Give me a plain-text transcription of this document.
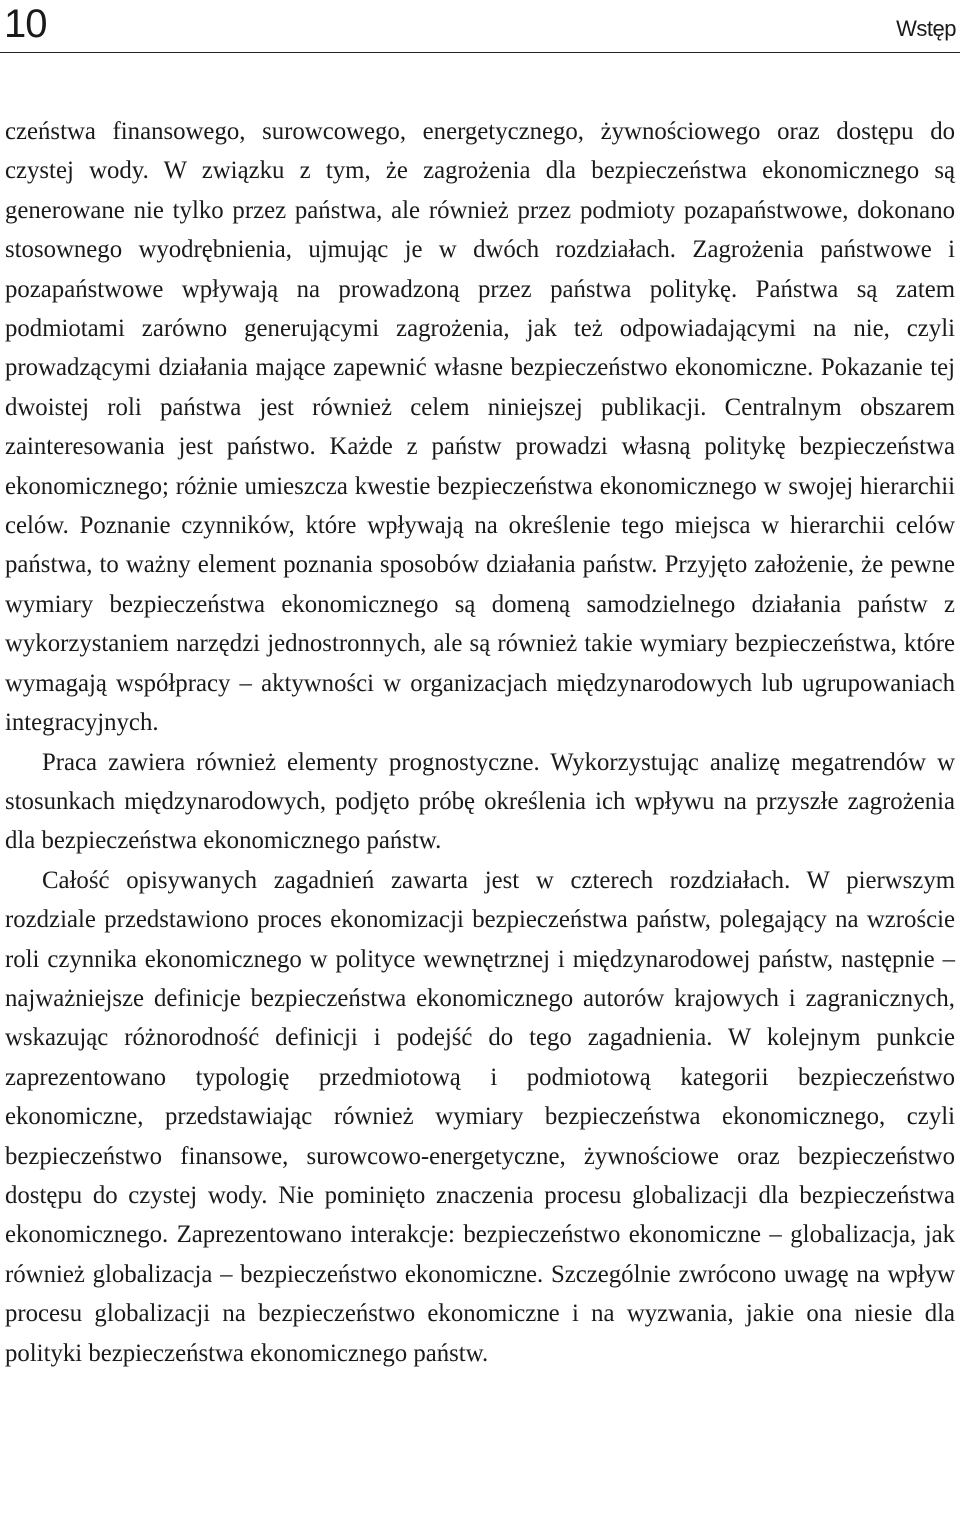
10	Wstęp

czeństwa finansowego, surowcowego, energetycznego, żywnościowego oraz dostępu do czystej wody. W związku z tym, że zagrożenia dla bezpieczeństwa ekonomicznego są generowane nie tylko przez państwa, ale również przez podmioty pozapaństwowe, dokonano stosownego wyodrębnienia, ujmując je w dwóch rozdziałach. Zagrożenia państwowe i pozapaństwowe wpływają na prowadzoną przez państwa politykę. Państwa są zatem podmiotami zarówno generującymi zagrożenia, jak też odpowiadającymi na nie, czyli prowadzącymi działania mające zapewnić własne bezpieczeństwo ekonomiczne. Pokazanie tej dwoistej roli państwa jest również celem niniejszej publikacji. Centralnym obszarem zainteresowania jest państwo. Każde z państw prowadzi własną politykę bezpieczeństwa ekonomicznego; różnie umieszcza kwestie bezpieczeństwa ekonomicznego w swojej hierarchii celów. Poznanie czynników, które wpływają na określenie tego miejsca w hierarchii celów państwa, to ważny element poznania sposobów działania państw. Przyjęto założenie, że pewne wymiary bezpieczeństwa ekonomicznego są domeną samodzielnego działania państw z wykorzystaniem narzędzi jednostronnych, ale są również takie wymiary bezpieczeństwa, które wymagają współpracy – aktywności w organizacjach międzynarodowych lub ugrupowaniach integracyjnych.

Praca zawiera również elementy prognostyczne. Wykorzystując analizę megatrendów w stosunkach międzynarodowych, podjęto próbę określenia ich wpływu na przyszłe zagrożenia dla bezpieczeństwa ekonomicznego państw.

Całość opisywanych zagadnień zawarta jest w czterech rozdziałach. W pierwszym rozdziale przedstawiono proces ekonomizacji bezpieczeństwa państw, polegający na wzroście roli czynnika ekonomicznego w polityce wewnętrznej i międzynarodowej państw, następnie – najważniejsze definicje bezpieczeństwa ekonomicznego autorów krajowych i zagranicznych, wskazując różnorodność definicji i podejść do tego zagadnienia. W kolejnym punkcie zaprezentowano typologię przedmiotową i podmiotową kategorii bezpieczeństwo ekonomiczne, przedstawiając również wymiary bezpieczeństwa ekonomicznego, czyli bezpieczeństwo finansowe, surowcowo-energetyczne, żywnościowe oraz bezpieczeństwo dostępu do czystej wody. Nie pominięto znaczenia procesu globalizacji dla bezpieczeństwa ekonomicznego. Zaprezentowano interakcje: bezpieczeństwo ekonomiczne – globalizacja, jak również globalizacja – bezpieczeństwo ekonomiczne. Szczególnie zwrócono uwagę na wpływ procesu globalizacji na bezpieczeństwo ekonomiczne i na wyzwania, jakie ona niesie dla polityki bezpieczeństwa ekonomicznego państw.
